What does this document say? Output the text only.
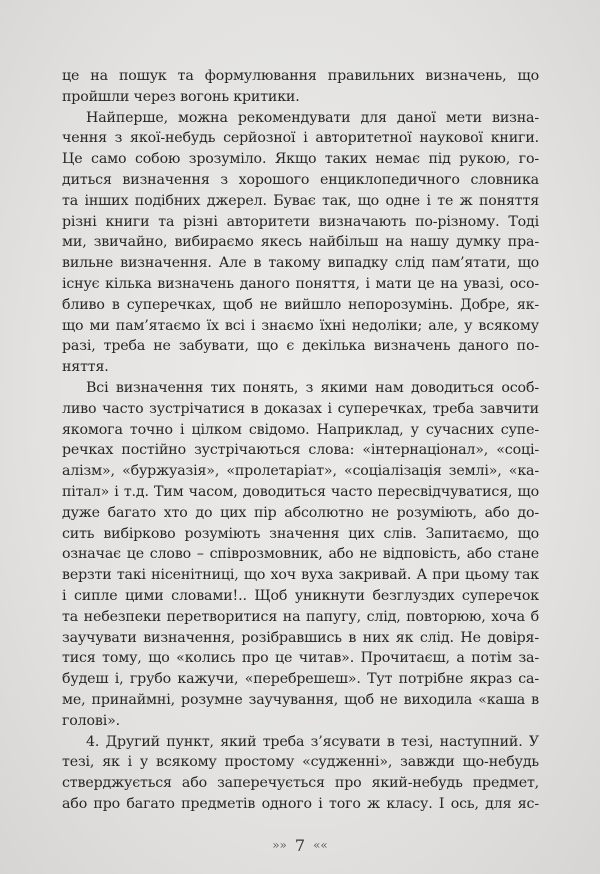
це на пошук та формулювання правильних визначень, що
пройшли через вогонь критики.
Найперше, можна рекомендувати для даної мети визна-
чення з якої-небудь серйозної і авторитетної наукової книги.
Це само собою зрозуміло. Якщо таких немає під рукою, го-
диться визначення з хорошого енциклопедичного словника
та інших подібних джерел. Буває так, що одне і те ж поняття
різні книги та різні авторитети визначають по-різному. Тоді
ми, звичайно, вибираємо якесь найбільш на нашу думку пра-
вильне визначення. Але в такому випадку слід пам’ятати, що
існує кілька визначень даного поняття, і мати це на увазі, осо-
бливо в суперечках, щоб не вийшло непорозумінь. Добре, як-
що ми пам’ятаємо їх всі і знаємо їхні недоліки; але, у всякому
разі, треба не забувати, що є декілька визначень даного по-
няття.
Всі визначення тих понять, з якими нам доводиться особ-
ливо часто зустрічатися в доказах і суперечках, треба завчити
якомога точно і цілком свідомо. Наприклад, у сучасних супе-
речках постійно зустрічаються слова: «інтернаціонал», «соці-
алізм», «буржуазія», «пролетаріат», «соціалізація землі», «ка-
пітал» і т.д. Тим часом, доводиться часто пересвідчуватися, що
дуже багато хто до цих пір абсолютно не розуміють, або до-
сить вибірково розуміють значення цих слів. Запитаємо, що
означає це слово – співрозмовник, або не відповість, або стане
верзти такі нісенітниці, що хоч вуха закривай. А при цьому так
і сипле цими словами!.. Щоб уникнути безглуздих суперечок
та небезпеки перетворитися на папугу, слід, повторюю, хоча б
заучувати визначення, розібравшись в них як слід. Не довіря-
тися тому, що «колись про це читав». Прочитаєш, а потім за-
будеш і, грубо кажучи, «перебрешеш». Тут потрібне якраз са-
ме, принаймні, розумне заучування, щоб не виходила «каша в
голові».
4. Другий пункт, який треба з’ясувати в тезі, наступний. У
тезі, як і у всякому простому «судженні», завжди що-небудь
стверджується або заперечується про який-небудь предмет,
або про багато предметів одного і того ж класу. І ось, для яс-
»» 7 ««
